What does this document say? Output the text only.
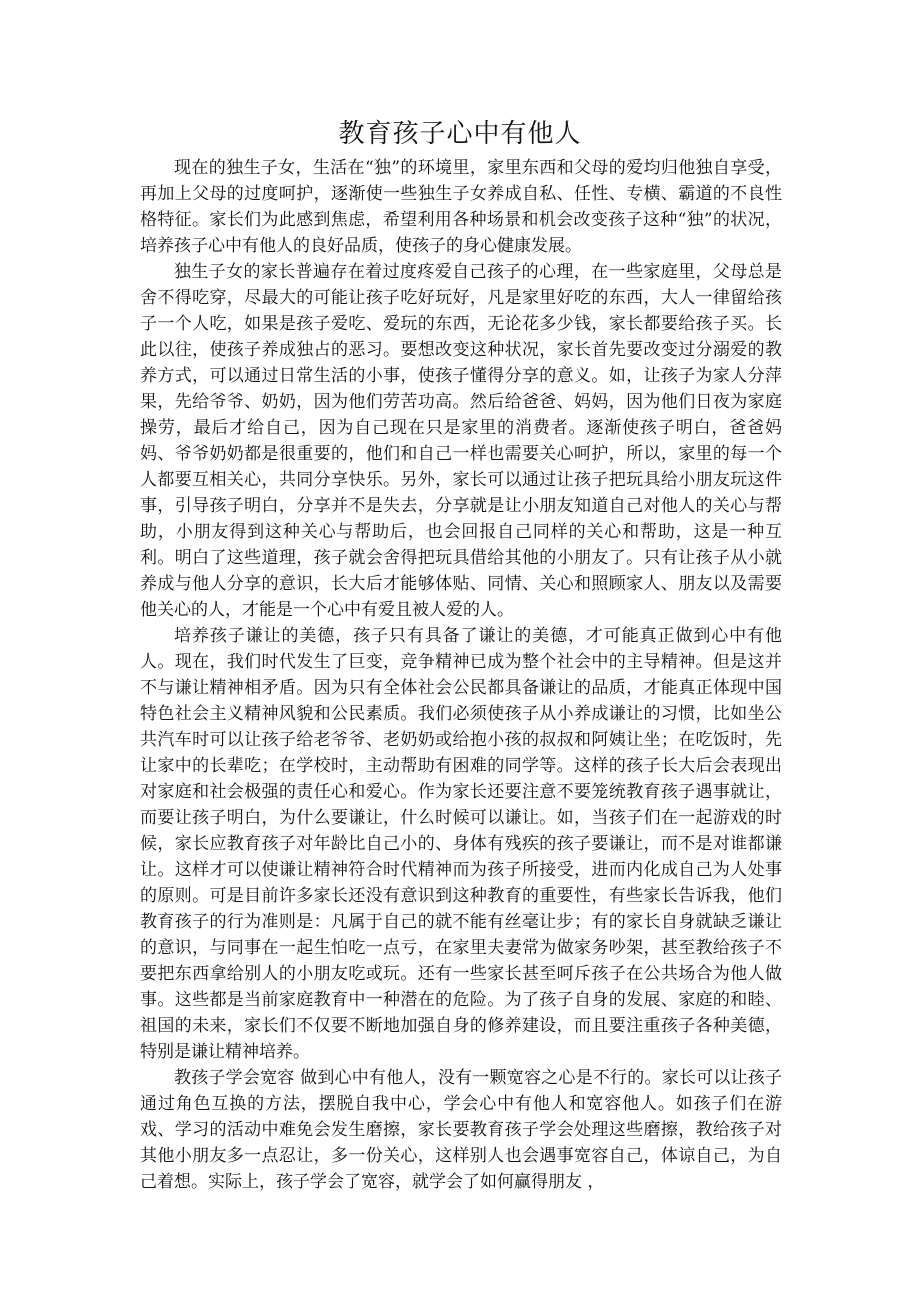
教育孩子心中有他人

现在的独生子女，生活在“独”的环境里，家里东西和父母的爱均归他独自享受，再加上父母的过度呵护，逐渐使一些独生子女养成自私、任性、专横、霸道的不良性格特征。家长们为此感到焦虑，希望利用各种场景和机会改变孩子这种“独”的状况，培养孩子心中有他人的良好品质，使孩子的身心健康发展。

独生子女的家长普遍存在着过度疼爱自己孩子的心理，在一些家庭里，父母总是舍不得吃穿，尽最大的可能让孩子吃好玩好，凡是家里好吃的东西，大人一律留给孩子一个人吃，如果是孩子爱吃、爱玩的东西，无论花多少钱，家长都要给孩子买。长此以往，使孩子养成独占的恶习。要想改变这种状况，家长首先要改变过分溺爱的教养方式，可以通过日常生活的小事，使孩子懂得分享的意义。如，让孩子为家人分萍果，先给爷爷、奶奶，因为他们劳苦功高。然后给爸爸、妈妈，因为他们日夜为家庭操劳，最后才给自己，因为自己现在只是家里的消费者。逐渐使孩子明白，爸爸妈妈、爷爷奶奶都是很重要的，他们和自己一样也需要关心呵护，所以，家里的每一个人都要互相关心，共同分享快乐。另外，家长可以通过让孩子把玩具给小朋友玩这件事，引导孩子明白，分享并不是失去，分享就是让小朋友知道自己对他人的关心与帮助，小朋友得到这种关心与帮助后，也会回报自己同样的关心和帮助，这是一种互利。明白了这些道理，孩子就会舍得把玩具借给其他的小朋友了。只有让孩子从小就养成与他人分享的意识，长大后才能够体贴、同情、关心和照顾家人、朋友以及需要他关心的人，才能是一个心中有爱且被人爱的人。

培养孩子谦让的美德，孩子只有具备了谦让的美德，才可能真正做到心中有他人。现在，我们时代发生了巨变，竞争精神已成为整个社会中的主导精神。但是这并不与谦让精神相矛盾。因为只有全体社会公民都具备谦让的品质，才能真正体现中国特色社会主义精神风貌和公民素质。我们必须使孩子从小养成谦让的习惯，比如坐公共汽车时可以让孩子给老爷爷、老奶奶或给抱小孩的叔叔和阿姨让坐；在吃饭时，先让家中的长辈吃；在学校时，主动帮助有困难的同学等。这样的孩子长大后会表现出对家庭和社会极强的责任心和爱心。作为家长还要注意不要笼统教育孩子遇事就让，而要让孩子明白，为什么要谦让，什么时候可以谦让。如，当孩子们在一起游戏的时候，家长应教育孩子对年龄比自己小的、身体有残疾的孩子要谦让，而不是对谁都谦让。这样才可以使谦让精神符合时代精神而为孩子所接受，进而内化成自己为人处事的原则。可是目前许多家长还没有意识到这种教育的重要性，有些家长告诉我，他们教育孩子的行为准则是：凡属于自己的就不能有丝毫让步；有的家长自身就缺乏谦让的意识，与同事在一起生怕吃一点亏，在家里夫妻常为做家务吵架，甚至教给孩子不要把东西拿给别人的小朋友吃或玩。还有一些家长甚至呵斥孩子在公共场合为他人做事。这些都是当前家庭教育中一种潜在的危险。为了孩子自身的发展、家庭的和睦、祖国的未来，家长们不仅要不断地加强自身的修养建设，而且要注重孩子各种美德，特别是谦让精神培养。

教孩子学会宽容 做到心中有他人，没有一颗宽容之心是不行的。家长可以让孩子通过角色互换的方法，摆脱自我中心，学会心中有他人和宽容他人。如孩子们在游戏、学习的活动中难免会发生磨擦，家长要教育孩子学会处理这些磨擦，教给孩子对其他小朋友多一点忍让，多一份关心，这样别人也会遇事宽容自己，体谅自己，为自己着想。实际上，孩子学会了宽容，就学会了如何赢得朋友 ，
